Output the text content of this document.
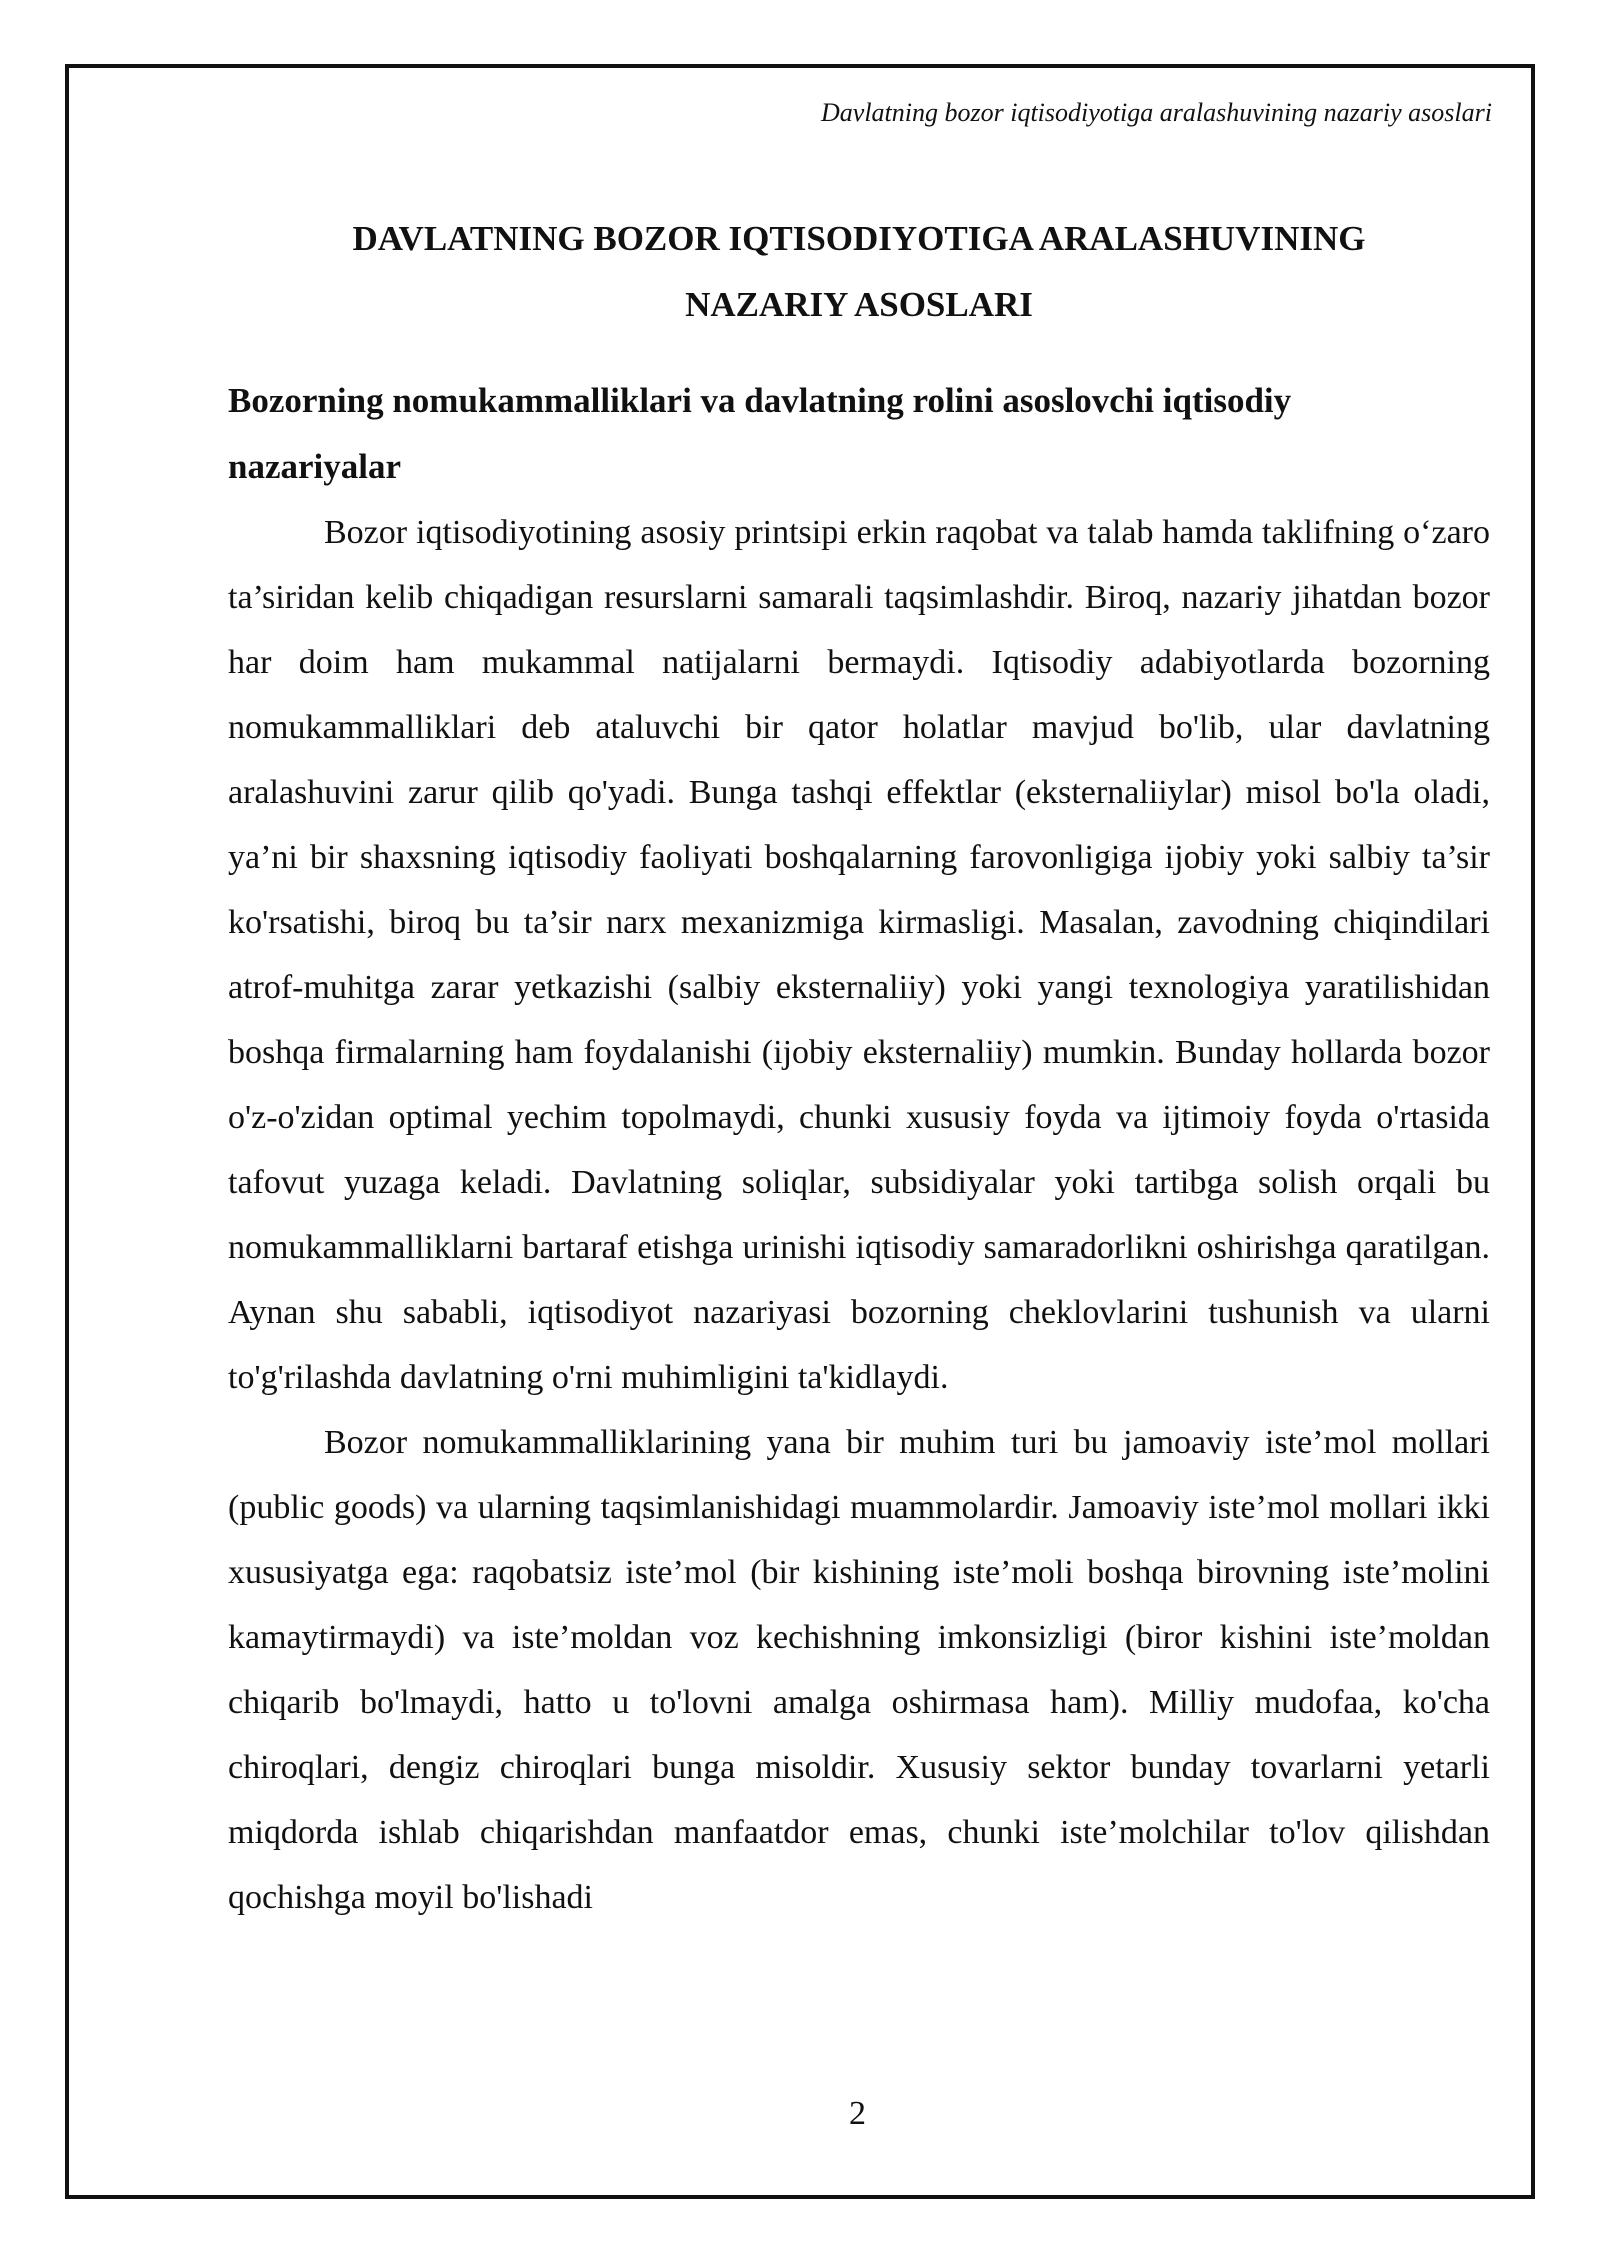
Davlatning bozor iqtisodiyotiga aralashuvining nazariy asoslari
DAVLATNING BOZOR IQTISODIYOTIGA ARALASHUVINING
NAZARIY ASOSLARI
Bozorning nomukammalliklari va davlatning rolini asoslovchi iqtisodiy
nazariyalar

Bozor iqtisodiyotining asosiy printsipi erkin raqobat va talab hamda taklifning o‘zaro ta’siridan kelib chiqadigan resurslarni samarali taqsimlashdir. Biroq, nazariy jihatdan bozor har doim ham mukammal natijalarni bermaydi. Iqtisodiy adabiyotlarda bozorning nomukammalliklari deb ataluvchi bir qator holatlar mavjud bo'lib, ular davlatning aralashuvini zarur qilib qo'yadi. Bunga tashqi effektlar (eksternaliiylar) misol bo'la oladi, ya’ni bir shaxsning iqtisodiy faoliyati boshqalarning farovonligiga ijobiy yoki salbiy ta’sir ko'rsatishi, biroq bu ta’sir narx mexanizmiga kirmasligi. Masalan, zavodning chiqindilari atrof-muhitga zarar yetkazishi (salbiy eksternaliiy) yoki yangi texnologiya yaratilishidan boshqa firmalarning ham foydalanishi (ijobiy eksternaliiy) mumkin. Bunday hollarda bozor o'z-o'zidan optimal yechim topolmaydi, chunki xususiy foyda va ijtimoiy foyda o'rtasida tafovut yuzaga keladi. Davlatning soliqlar, subsidiyalar yoki tartibga solish orqali bu nomukammalliklarni bartaraf etishga urinishi iqtisodiy samaradorlikni oshirishga qaratilgan. Aynan shu sababli, iqtisodiyot nazariyasi bozorning cheklovlarini tushunish va ularni to'g'rilashda davlatning o'rni muhimligini ta'kidlaydi.

Bozor nomukammalliklarining yana bir muhim turi bu jamoaviy iste’mol mollari (public goods) va ularning taqsimlanishidagi muammolardir. Jamoaviy iste’mol mollari ikki xususiyatga ega: raqobatsiz iste’mol (bir kishining iste’moli boshqa birovning iste’molini kamaytirmaydi) va iste’moldan voz kechishning imkonsizligi (biror kishini iste’moldan chiqarib bo'lmaydi, hatto u to'lovni amalga oshirmasa ham). Milliy mudofaa, ko'cha chiroqlari, dengiz chiroqlari bunga misoldir. Xususiy sektor bunday tovarlarni yetarli miqdorda ishlab chiqarishdan manfaatdor emas, chunki iste’molchilar to'lov qilishdan qochishga moyil bo'lishadi

2
